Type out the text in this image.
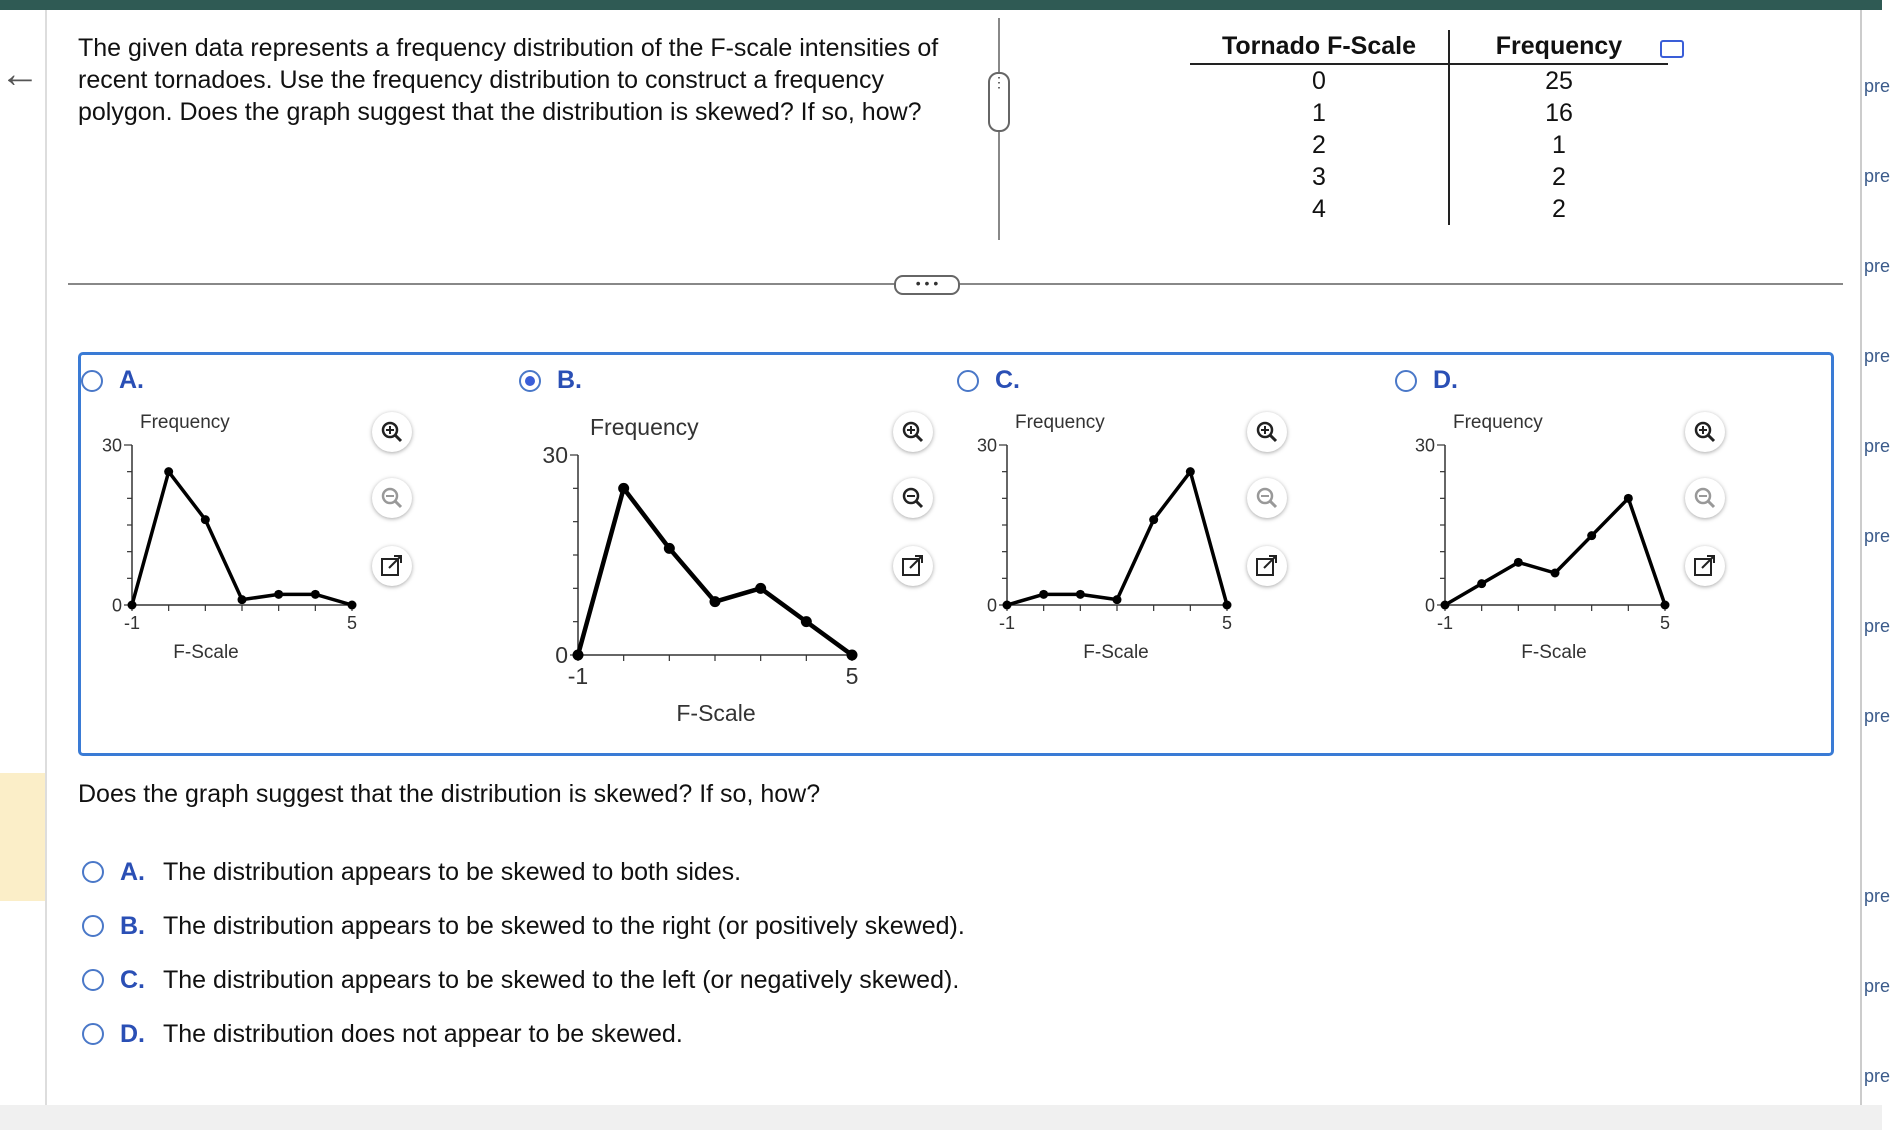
←	pre
pre
pre
pre
pre
pre
pre
pre
pre
pre
pre
The given data represents a frequency distribution of the F-scale intensities of recent tornadoes. Use the frequency distribution to construct a frequency polygon. Does the graph suggest that the distribution is skewed? If so, how?
⋮
Tornado F-Scale	Frequency
0	25
1	16
2	1
3	2
4	2
• • •
A.	B.	C.	D.
Frequency
F-Scale
0
30
-1	5
Frequency
F-Scale
0
30
-1	5
Frequency
F-Scale
0
30
-1	5
Frequency
F-Scale
0
30
-1	5
Does the graph suggest that the distribution is skewed? If so, how?
A. The distribution appears to be skewed to both sides.
B. The distribution appears to be skewed to the right (or positively skewed).
C. The distribution appears to be skewed to the left (or negatively skewed).
D. The distribution does not appear to be skewed.
